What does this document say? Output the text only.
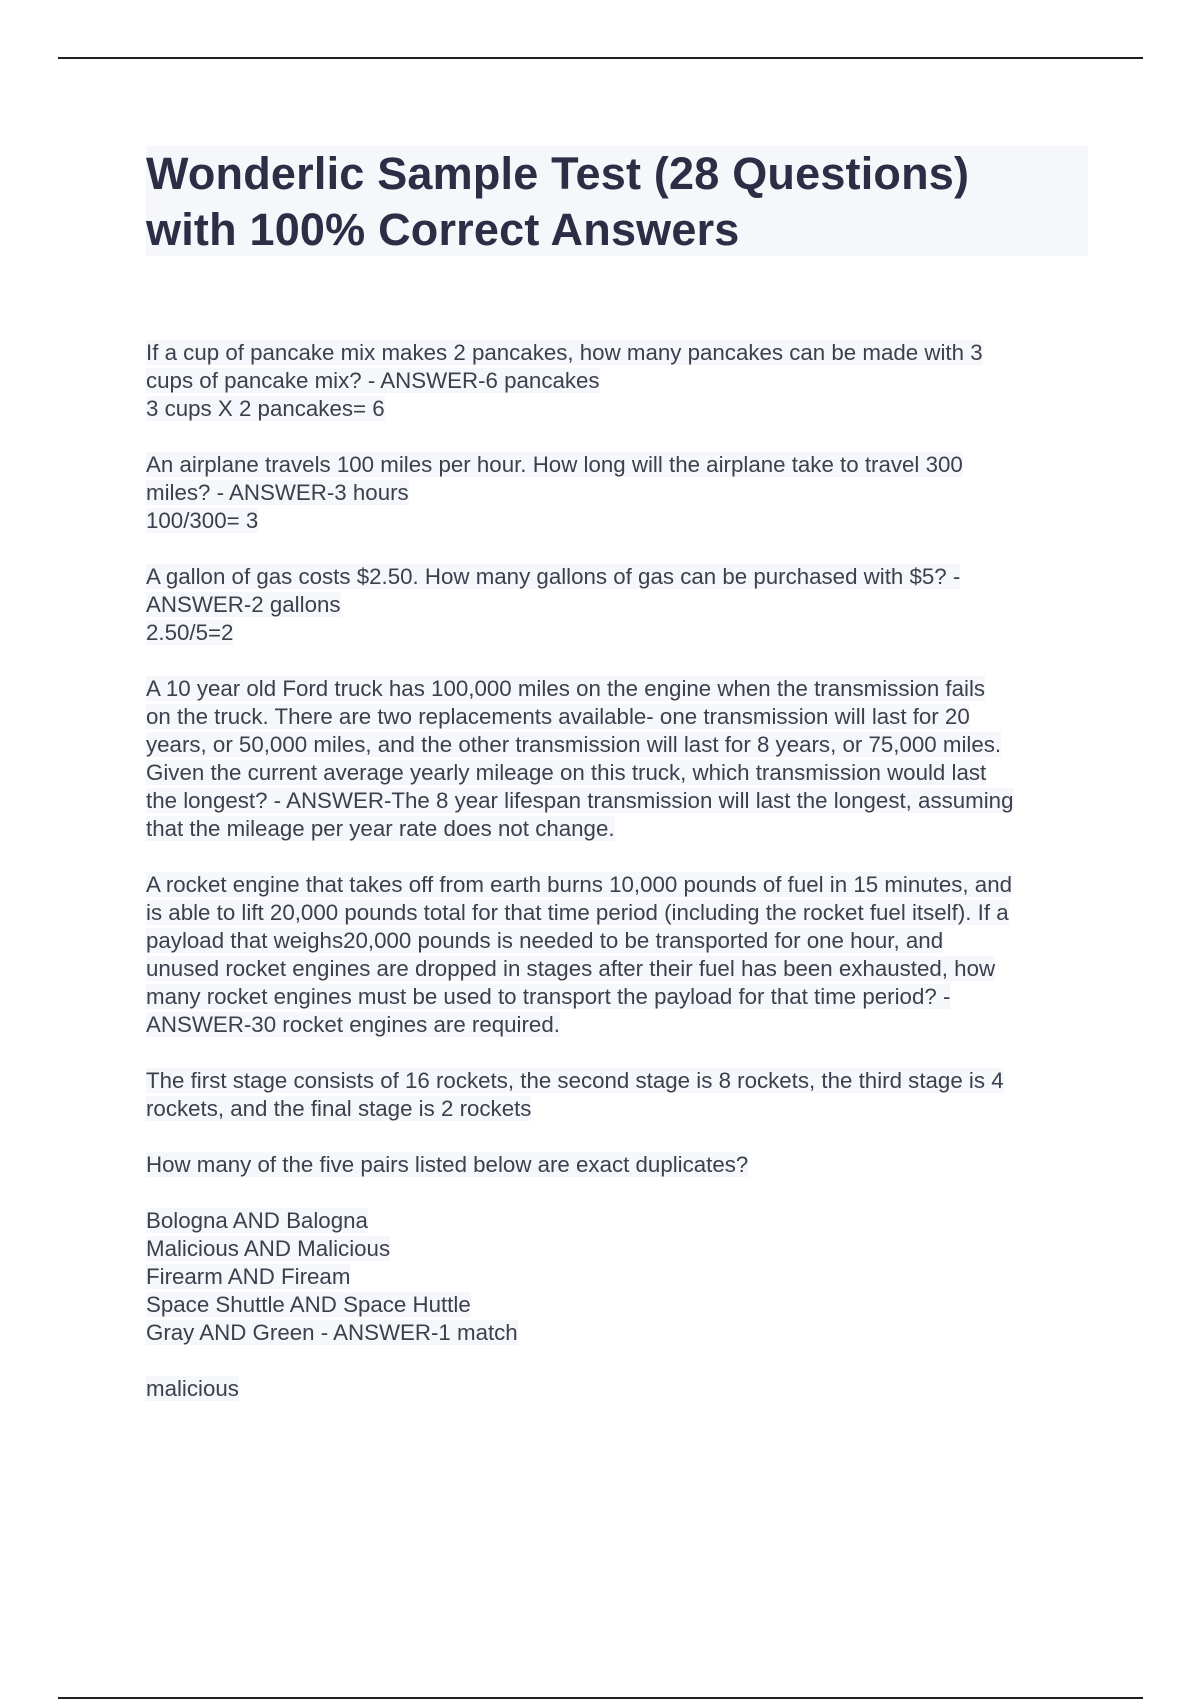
Wonderlic Sample Test (28 Questions)
with 100% Correct Answers

If a cup of pancake mix makes 2 pancakes, how many pancakes can be made with 3
cups of pancake mix? - ANSWER-6 pancakes
3 cups X 2 pancakes= 6

An airplane travels 100 miles per hour. How long will the airplane take to travel 300
miles? - ANSWER-3 hours
100/300= 3

A gallon of gas costs $2.50. How many gallons of gas can be purchased with $5? -
ANSWER-2 gallons
2.50/5=2

A 10 year old Ford truck has 100,000 miles on the engine when the transmission fails
on the truck. There are two replacements available- one transmission will last for 20
years, or 50,000 miles, and the other transmission will last for 8 years, or 75,000 miles.
Given the current average yearly mileage on this truck, which transmission would last
the longest? - ANSWER-The 8 year lifespan transmission will last the longest, assuming
that the mileage per year rate does not change.

A rocket engine that takes off from earth burns 10,000 pounds of fuel in 15 minutes, and
is able to lift 20,000 pounds total for that time period (including the rocket fuel itself). If a
payload that weighs20,000 pounds is needed to be transported for one hour, and
unused rocket engines are dropped in stages after their fuel has been exhausted, how
many rocket engines must be used to transport the payload for that time period? -
ANSWER-30 rocket engines are required.

The first stage consists of 16 rockets, the second stage is 8 rockets, the third stage is 4
rockets, and the final stage is 2 rockets

How many of the five pairs listed below are exact duplicates?

Bologna AND Balogna
Malicious AND Malicious
Firearm AND Fiream
Space Shuttle AND Space Huttle
Gray AND Green - ANSWER-1 match

malicious
